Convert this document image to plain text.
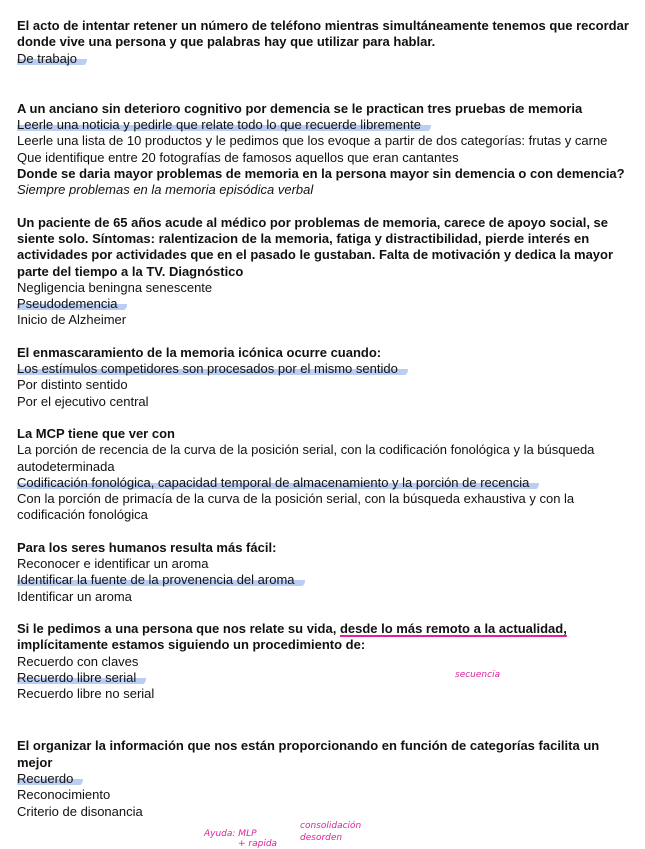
El acto de intentar retener un número de teléfono mientras simultáneamente tenemos que recordar donde vive una persona y que palabras hay que utilizar para hablar.
De trabajo
A un anciano sin deterioro cognitivo por demencia se le practican tres pruebas de memoria
Leerle una noticia y pedirle que relate todo lo que recuerde libremente
Leerle una lista de 10 productos y le pedimos que los evoque a partir de dos categorías: frutas y carne
Que identifique entre 20 fotografías de famosos aquellos que eran cantantes
Donde se daria mayor problemas de memoria en la persona mayor sin demencia o con demencia? Siempre problemas en la memoria episódica verbal
Un paciente de 65 años acude al médico por problemas de memoria, carece de apoyo social, se siente solo. Síntomas: ralentizacion de la memoria, fatiga y distractibilidad, pierde interés en actividades por actividades que en el pasado le gustaban. Falta de motivación y dedica la mayor parte del tiempo a la TV. Diagnóstico
Negligencia beningna senescente
Pseudodemencia
Inicio de Alzheimer
El enmascaramiento de la memoria icónica ocurre cuando:
Los estímulos competidores son procesados por el mismo sentido
Por distinto sentido
Por el ejecutivo central
La MCP tiene que ver con
La porción de recencia de la curva de la posición serial, con la codificación fonológica y la búsqueda autodeterminada
Codificación fonológica, capacidad temporal de almacenamiento y la porción de recencia
Con la porción de primacía de la curva de la posición serial, con la búsqueda exhaustiva y con la codificación fonológica
Para los seres humanos resulta más fácil:
Reconocer e identificar un aroma
Identificar la fuente de la provenencia del aroma
Identificar un aroma
Si le pedimos a una persona que nos relate su vida, desde lo más remoto a la actualidad, implícitamente estamos siguiendo un procedimiento de:
Recuerdo con claves
Recuerdo libre serial
Recuerdo libre no serial
El organizar la información que nos están proporcionando en función de categorías facilita un mejor
Recuerdo
Reconocimiento
Criterio de disonancia
secuencia
Ayuda: MLP
+ rapida
consolidación
desorden
